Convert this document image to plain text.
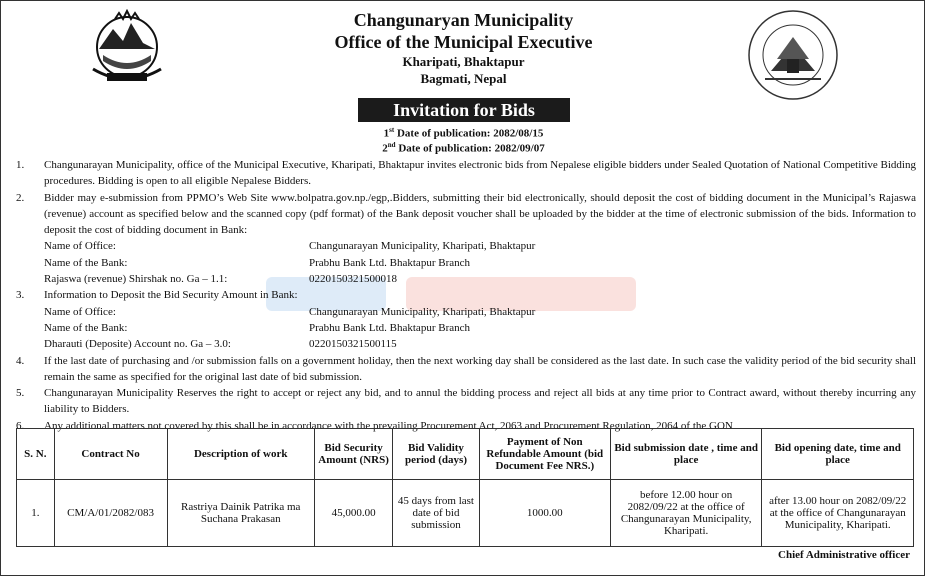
Changunaryan Municipality
Office of the Municipal Executive
Kharipati, Bhaktapur
Bagmati, Nepal
Invitation for Bids
1st Date of publication: 2082/08/15
2nd Date of publication: 2082/09/07
1. Changunarayan Municipality, office of the Municipal Executive, Kharipati, Bhaktapur invites electronic bids from Nepalese eligible bidders under Sealed Quotation of National Competitive Bidding procedures. Bidding is open to all eligible Nepalese Bidders.
2. Bidder may e-submission from PPMO’s Web Site www.bolpatra.gov.np./egp,.Bidders, submitting their bid electronically, should deposit the cost of bidding document in the Municipal’s Rajaswa (revenue) account as specified below and the scanned copy (pdf format) of the Bank deposit voucher shall be uploaded by the bidder at the time of electronic submission of the bids. Information to deposit the cost of bidding document in Bank:
Name of Office:	Changunarayan Municipality, Kharipati, Bhaktapur
Name of the Bank:	Prabhu Bank Ltd. Bhaktapur Branch
Rajaswa (revenue) Shirshak no. Ga – 1.1:	0220150321500018
3. Information to Deposit the Bid Security Amount in Bank:
Name of Office:	Changunarayan Municipality, Kharipati, Bhaktapur
Name of the Bank:	Prabhu Bank Ltd. Bhaktapur Branch
Dharauti (Deposite) Account no. Ga – 3.0:	0220150321500115
4. If the last date of purchasing and /or submission falls on a government holiday, then the next working day shall be considered as the last date. In such case the validity period of the bid security shall remain the same as specified for the original last date of bid submission.
5. Changunarayan Municipality Reserves the right to accept or reject any bid, and to annul the bidding process and reject all bids at any time prior to Contract award, without thereby incurring any liability to Bidders.
6. Any additional matters not covered by this shall be in accordance with the prevailing Procurement Act, 2063 and Procurement Regulation, 2064 of the GON
S. N.	Contract No	Description of work	Bid Security Amount (NRS)	Bid Validity period (days)	Payment of Non Refundable Amount (bid Document Fee NRS.)	Bid submission date , time and place	Bid opening date, time and place
1.	CM/A/01/2082/083	Rastriya Dainik Patrika ma Suchana Prakasan	45,000.00	45 days from last date of bid submission	1000.00	before 12.00 hour on 2082/09/22 at the office of Changunarayan Municipality, Kharipati.	after 13.00 hour on 2082/09/22 at the office of Changunarayan Municipality, Kharipati.
Chief Administrative officer
